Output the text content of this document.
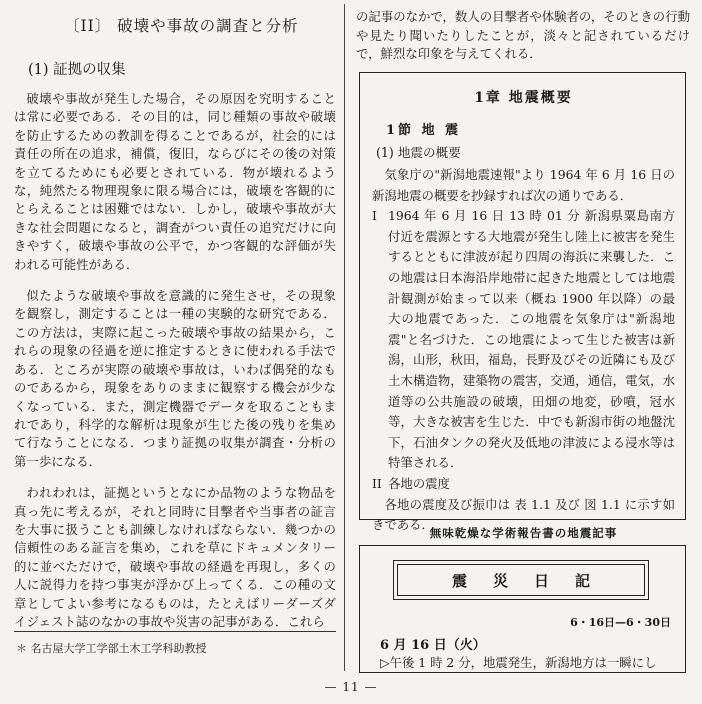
〔II〕 破壊や事故の調査と分析
(1) 証拠の収集

破壊や事故が発生した場合，その原因を究明することは常に必要である．その目的は，同じ種類の事故や破壊を防止するための教訓を得ることであるが，社会的には責任の所在の追求，補償，復旧，ならびにその後の対策を立てるためにも必要とされている．物が壊れるような，純然たる物理現象に限る場合には，破壊を客観的にとらえることは困難ではない．しかし，破壊や事故が大きな社会問題になると，調査がつい責任の追究だけに向きやすく，破壊や事故の公平で，かつ客観的な評価が失われる可能性がある．

似たような破壊や事故を意識的に発生させ，その現象を観察し，測定することは一種の実験的な研究である．この方法は，実際に起こった破壊や事故の結果から，これらの現象の径過を逆に推定するときに使われる手法である．ところが実際の破壊や事故は，いわば偶発的なものであるから，現象をありのままに観察する機会が少なくなっている．また，測定機器でデータを取ることもまれであり，科学的な解析は現象が生じた後の残りを集めて行なうことになる．つまり証拠の収集が調査・分析の第一歩になる．

われわれは，証拠というとなにか品物のような物品を真っ先に考えるが，それと同時に目撃者や当事者の証言を大事に扱うことも訓練しなければならない．幾つかの信頼性のある証言を集め，これを草にドキュメンタリー的に並べただけで，破壊や事故の経過を再現し，多くの人に説得力を持つ事実が浮かび上ってくる．この種の文章としてよい参考になるものは，たとえばリーダーズダイジェスト誌のなかの事故や災害の記事がある．これら

＊ 名古屋大学工学部土木工学科助教授

の記事のなかで，数人の目撃者や体験者の，そのときの行動や見たり聞いたりしたことが，淡々と記されているだけで，鮮烈な印象を与えてくれる．

1章 地震概要
1節 地 震
(1) 地震の概要

気象庁の"新潟地震速報"より 1964 年 6 月 16 日の新潟地震の概要を抄録すれば次の通りである．

I 1964 年 6 月 16 日 13 時 01 分 新潟県粟島南方付近を震源とする大地震が発生し陸上に被害を発生するとともに津波が起り四周の海浜に来襲した．この地震は日本海沿岸地帯に起きた地震としては地震計観測が始まって以来（概ね 1900 年以降）の最大の地震であった．この地震を気象庁は"新潟地震"と名づけた．この地震によって生じた被害は新潟，山形，秋田，福島，長野及びその近隣にも及び土木構造物，建築物の震害，交通，通信，電気，水道等の公共施設の破壊，田畑の地変，砂噴，冠水等，大きな被害を生じた．中でも新潟市街の地盤沈下，石油タンクの発火及低地の津波による浸水等は特筆される．
II 各地の震度

各地の震度及び振巾は 表 1.1 及び 図 1.1 に示す如きである．

無味乾燥な学術報告書の地震記事
震災日記
6・16日—6・30日
6 月 16 日（火）
▷午後 1 時 2 分，地震発生，新潟地方は一瞬にし
— 11 —
